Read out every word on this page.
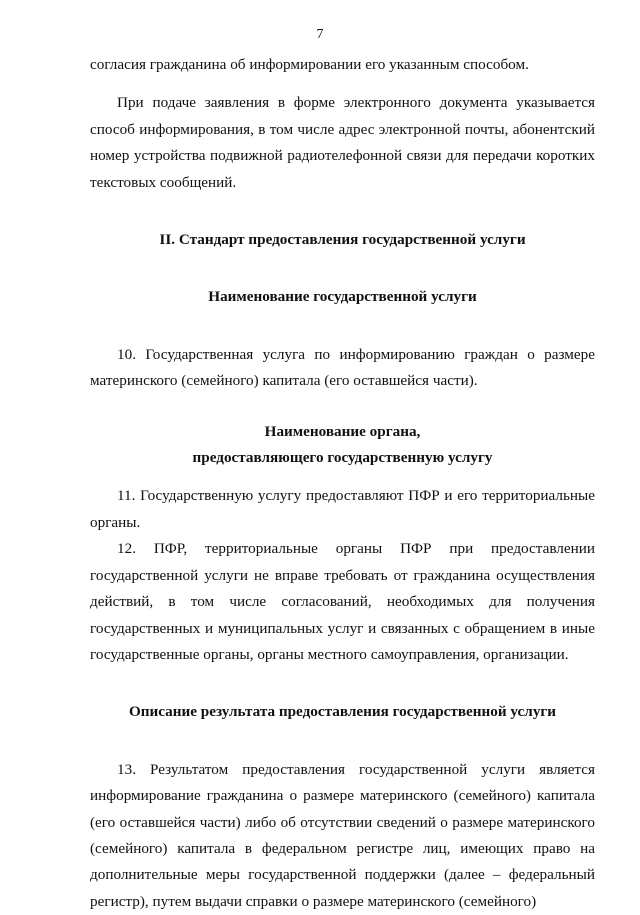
7

согласия гражданина об информировании его указанным способом.

При подаче заявления в форме электронного документа указывается способ информирования, в том числе адрес электронной почты, абонентский номер устройства подвижной радиотелефонной связи для передачи коротких текстовых сообщений.

II. Стандарт предоставления государственной услуги

Наименование государственной услуги

10. Государственная услуга по информированию граждан о размере материнского (семейного) капитала (его оставшейся части).

Наименование органа,

предоставляющего государственную услугу

11. Государственную услугу предоставляют ПФР и его территориальные органы.

12. ПФР, территориальные органы ПФР при предоставлении государственной услуги не вправе требовать от гражданина осуществления действий, в том числе согласований, необходимых для получения государственных и муниципальных услуг и связанных с обращением в иные государственные органы, органы местного самоуправления, организации.

Описание результата предоставления государственной услуги

13. Результатом предоставления государственной услуги является информирование гражданина о размере материнского (семейного) капитала (его оставшейся части) либо об отсутствии сведений о размере материнского (семейного) капитала в федеральном регистре лиц, имеющих право на дополнительные меры государственной поддержки (далее – федеральный регистр), путем выдачи справки о размере материнского (семейного)
